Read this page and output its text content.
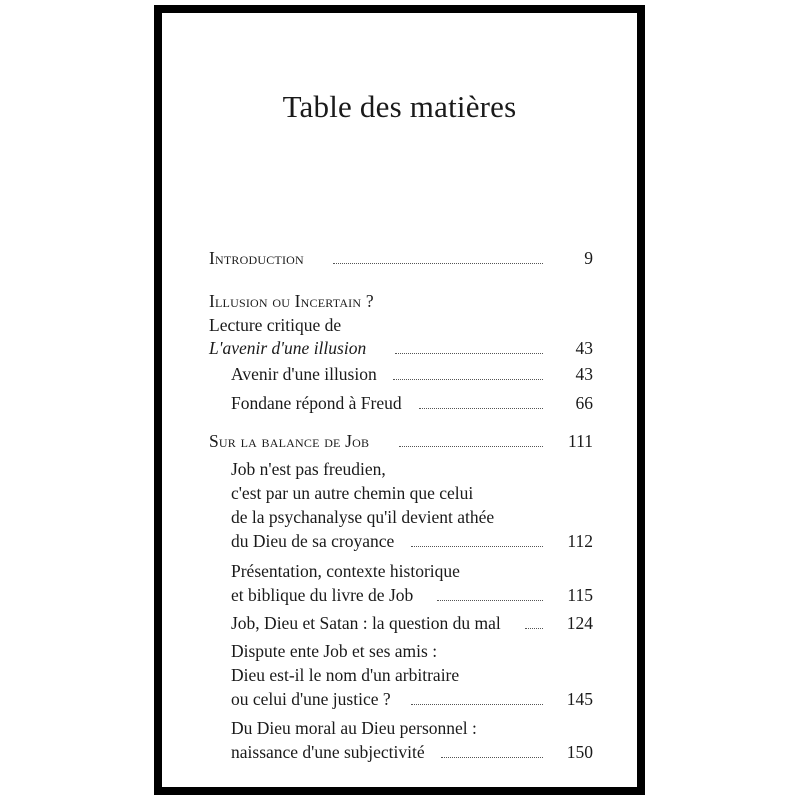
Table des matières
Introduction	9
Illusion ou Incertain ?
Lecture critique de
L'avenir d'une illusion	43
Avenir d'une illusion	43
Fondane répond à Freud	66
Sur la balance de Job	111
Job n'est pas freudien,
c'est par un autre chemin que celui
de la psychanalyse qu'il devient athée
du Dieu de sa croyance	112
Présentation, contexte historique
et biblique du livre de Job	115
Job, Dieu et Satan : la question du mal	124
Dispute ente Job et ses amis :
Dieu est-il le nom d'un arbitraire
ou celui d'une justice ?	145
Du Dieu moral au Dieu personnel :
naissance d'une subjectivité	150
